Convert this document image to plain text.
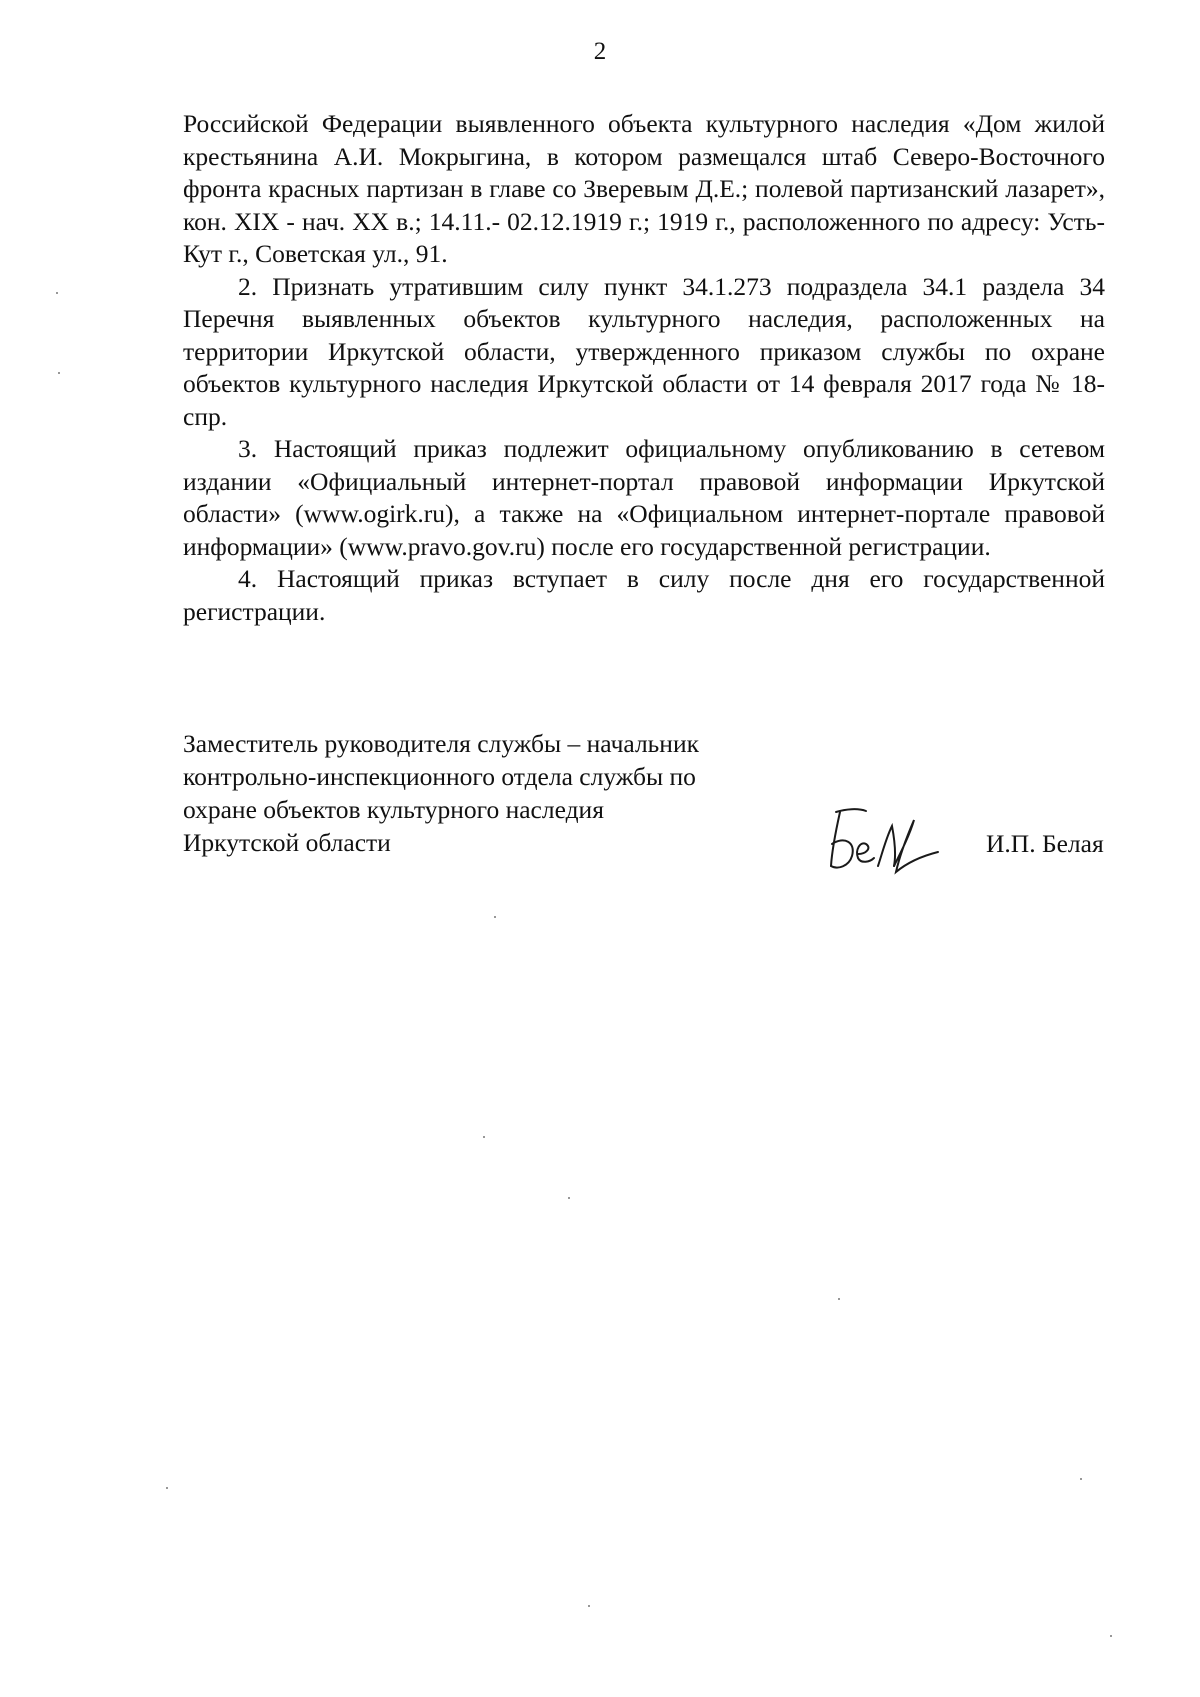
2

Российской Федерации выявленного объекта культурного наследия «Дом жилой крестьянина А.И. Мокрыгина, в котором размещался штаб Северо-Восточного фронта красных партизан в главе со Зверевым Д.Е.; полевой партизанский лазарет», кон. XIX - нач. XX в.; 14.11.- 02.12.1919 г.; 1919 г., расположенного по адресу: Усть-Кут г., Советская ул., 91.

2. Признать утратившим силу пункт 34.1.273 подраздела 34.1 раздела 34 Перечня выявленных объектов культурного наследия, расположенных на территории Иркутской области, утвержденного приказом службы по охране объектов культурного наследия Иркутской области от 14 февраля 2017 года № 18-спр.

3. Настоящий приказ подлежит официальному опубликованию в сетевом издании «Официальный интернет-портал правовой информации Иркутской области» (www.ogirk.ru), а также на «Официальном интернет-портале правовой информации» (www.pravo.gov.ru) после его государственной регистрации.

4. Настоящий приказ вступает в силу после дня его государственной регистрации.

Заместитель руководителя службы – начальник
контрольно-инспекционного отдела службы по
охране объектов культурного наследия
Иркутской области	И.П. Белая
